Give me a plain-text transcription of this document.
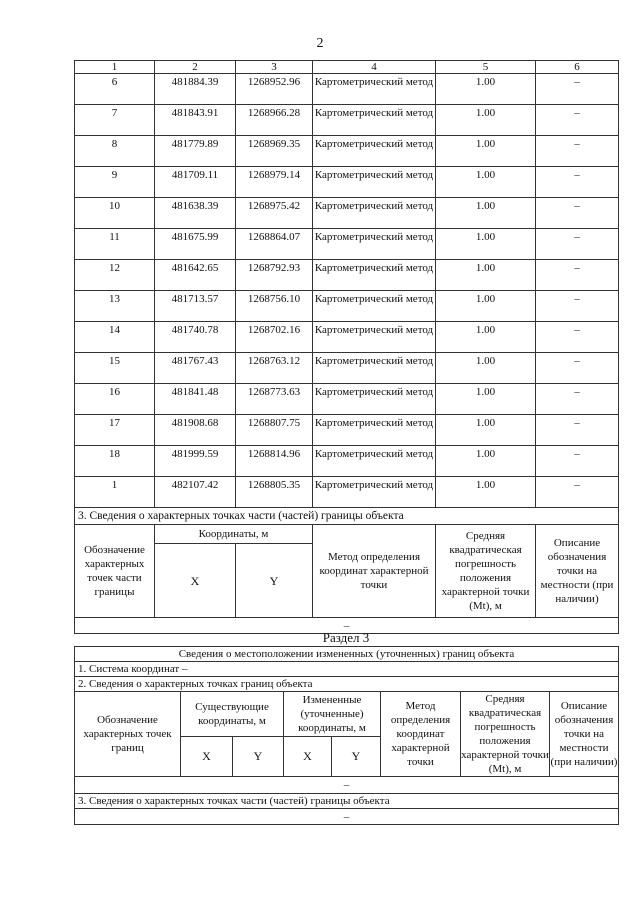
2
1	2	3	4	5	6
6	481884.39	1268952.96	Картометрический метод	1.00	–
7	481843.91	1268966.28	Картометрический метод	1.00	–
8	481779.89	1268969.35	Картометрический метод	1.00	–
9	481709.11	1268979.14	Картометрический метод	1.00	–
10	481638.39	1268975.42	Картометрический метод	1.00	–
11	481675.99	1268864.07	Картометрический метод	1.00	–
12	481642.65	1268792.93	Картометрический метод	1.00	–
13	481713.57	1268756.10	Картометрический метод	1.00	–
14	481740.78	1268702.16	Картометрический метод	1.00	–
15	481767.43	1268763.12	Картометрический метод	1.00	–
16	481841.48	1268773.63	Картометрический метод	1.00	–
17	481908.68	1268807.75	Картометрический метод	1.00	–
18	481999.59	1268814.96	Картометрический метод	1.00	–
1	482107.42	1268805.35	Картометрический метод	1.00	–
3. Сведения о характерных точках части (частей) границы объекта					
Обозначение характерных точек части границы	Координаты, м		Метод определения координат характерной точки	Средняя квадратическая погрешность положения характерной точки (Mt), м	Описание обозначения точки на местности (при наличии)
	X	Y			
–					
Раздел 3
Сведения о местоположении измененных (уточненных) границ объекта							
1. Система координат –							
2. Сведения о характерных точках границ объекта							
Обозначение характерных точек границ	Существующие координаты, м		Измененные (уточненные) координаты, м		Метод определения координат характерной точки	Средняя квадратическая погрешность положения характерной точки (Mt), м	Описание обозначения точки на местности (при наличии)
	X	Y	X	Y			
–							
3. Сведения о характерных точках части (частей) границы объекта							
–							
